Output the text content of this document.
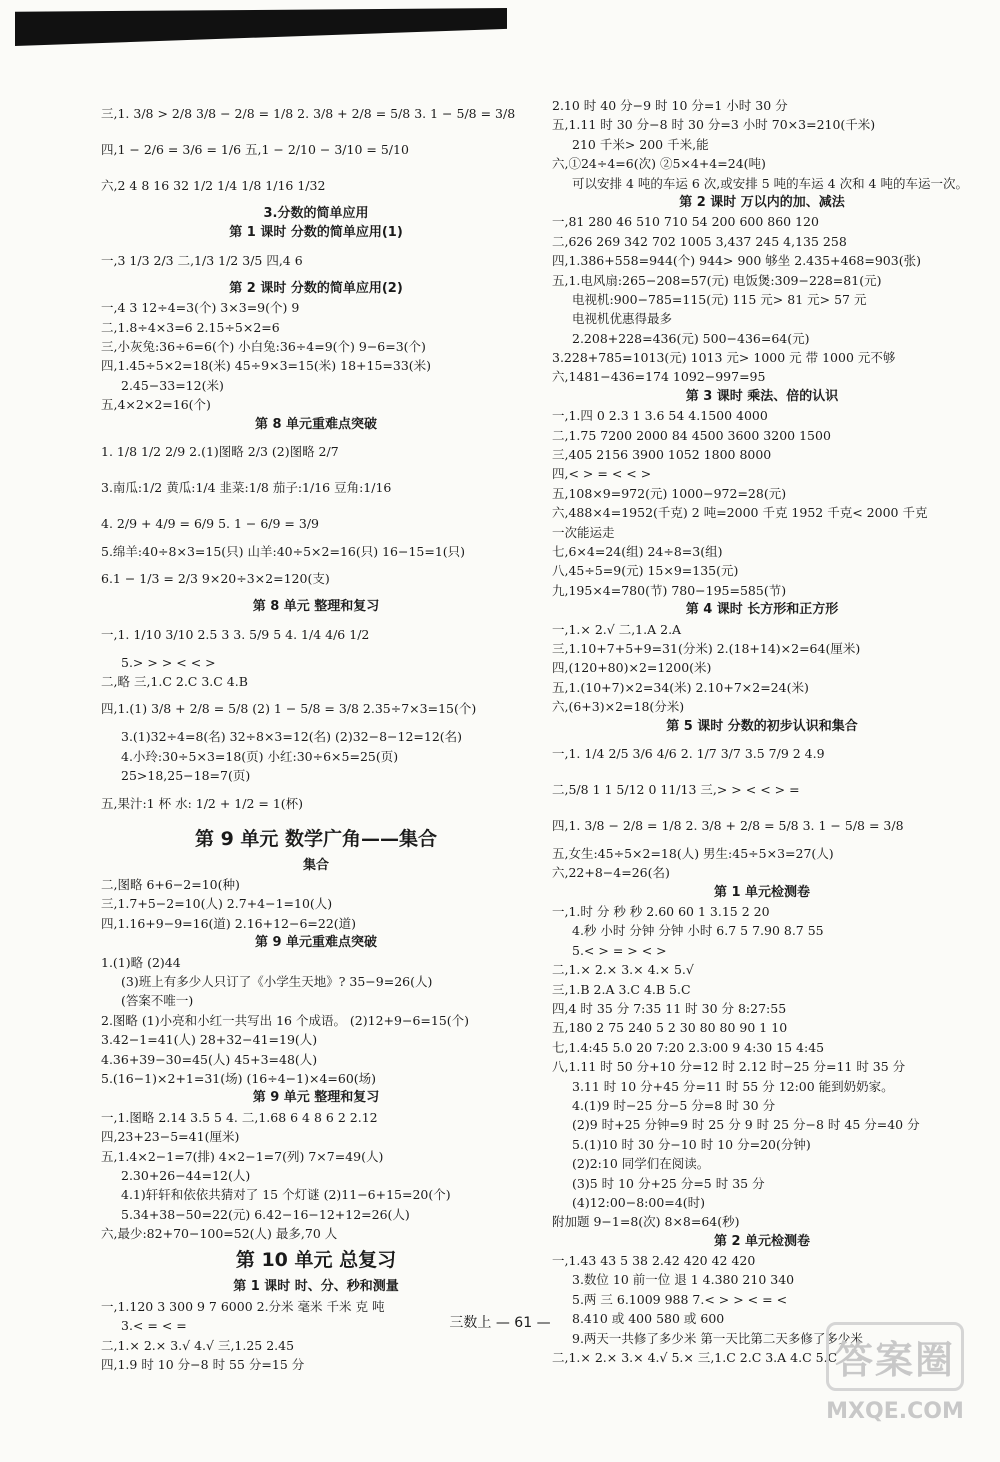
三,1. 3/8 > 2/8 3/8 − 2/8 = 1/8 2. 3/8 + 2/8 = 5/8 3. 1 − 5/8 = 3/8
四,1 − 2/6 = 3/6 = 1/6 五,1 − 2/10 − 3/10 = 5/10
六,2 4 8 16 32 1/2 1/4 1/8 1/16 1/32
3.分数的简单应用
第 1 课时 分数的简单应用(1)
一,3 1/3 2/3 二,1/3 1/2 3/5 四,4 6
第 2 课时 分数的简单应用(2)
一,4 3 12÷4=3(个) 3×3=9(个) 9
二,1.8÷4×3=6 2.15÷5×2=6
三,小灰兔:36÷6=6(个) 小白兔:36÷4=9(个) 9−6=3(个)
四,1.45÷5×2=18(米) 45÷9×3=15(米) 18+15=33(米)
2.45−33=12(米)
五,4×2×2=16(个)
第 8 单元重难点突破
1. 1/8 1/2 2/9 2.(1)图略 2/3 (2)图略 2/7
3.南瓜:1/2 黄瓜:1/4 韭菜:1/8 茄子:1/16 豆角:1/16
4. 2/9 + 4/9 = 6/9 5. 1 − 6/9 = 3/9
5.绵羊:40÷8×3=15(只) 山羊:40÷5×2=16(只) 16−15=1(只)
6.1 − 1/3 = 2/3 9×20÷3×2=120(支)
第 8 单元 整理和复习
一,1. 1/10 3/10 2.5 3 3. 5/9 5 4. 1/4 4/6 1/2
5.> > > < < >
二,略 三,1.C 2.C 3.C 4.B
四,1.(1) 3/8 + 2/8 = 5/8 (2) 1 − 5/8 = 3/8 2.35÷7×3=15(个)
3.(1)32÷4=8(名) 32÷8×3=12(名) (2)32−8−12=12(名)
4.小玲:30÷5×3=18(页) 小红:30÷6×5=25(页)
25>18,25−18=7(页)
五,果汁:1 杯 水: 1/2 + 1/2 = 1(杯)
第 9 单元 数学广角——集合
集合
二,图略 6+6−2=10(种)
三,1.7+5−2=10(人) 2.7+4−1=10(人)
四,1.16+9−9=16(道) 2.16+12−6=22(道)
第 9 单元重难点突破
1.(1)略 (2)44
(3)班上有多少人只订了《小学生天地》? 35−9=26(人)
(答案不唯一)
2.图略 (1)小亮和小红一共写出 16 个成语。 (2)12+9−6=15(个)
3.42−1=41(人) 28+32−41=19(人)
4.36+39−30=45(人) 45+3=48(人)
5.(16−1)×2+1=31(场) (16÷4−1)×4=60(场)
第 9 单元 整理和复习
一,1.图略 2.14 3.5 5 4. 二,1.68 6 4 8 6 2 2.12
四,23+23−5=41(厘米)
五,1.4×2−1=7(排) 4×2−1=7(列) 7×7=49(人)
2.30+26−44=12(人)
4.1)轩轩和依依共猜对了 15 个灯谜 (2)11−6+15=20(个)
5.34+38−50=22(元) 6.42−16−12+12=26(人)
六,最少:82+70−100=52(人) 最多,70 人
第 10 单元 总复习
第 1 课时 时、分、秒和测量
一,1.120 3 300 9 7 6000 2.分米 毫米 千米 克 吨
3.< = < =
二,1.× 2.× 3.√ 4.√ 三,1.25 2.45
四,1.9 时 10 分−8 时 55 分=15 分
2.10 时 40 分−9 时 10 分=1 小时 30 分
五,1.11 时 30 分−8 时 30 分=3 小时 70×3=210(千米)
210 千米> 200 千米,能
六,①24÷4=6(次) ②5×4+4=24(吨)
可以安排 4 吨的车运 6 次,或安排 5 吨的车运 4 次和 4 吨的车运一次。
第 2 课时 万以内的加、减法
一,81 280 46 510 710 54 200 600 860 120
二,626 269 342 702 1005 3,437 245 4,135 258
四,1.386+558=944(个) 944> 900 够坐 2.435+468=903(张)
五,1.电风扇:265−208=57(元) 电饭煲:309−228=81(元)
电视机:900−785=115(元) 115 元> 81 元> 57 元
电视机优惠得最多
2.208+228=436(元) 500−436=64(元)
3.228+785=1013(元) 1013 元> 1000 元 带 1000 元不够
六,1481−436=174 1092−997=95
第 3 课时 乘法、倍的认识
一,1.四 0 2.3 1 3.6 54 4.1500 4000
二,1.75 7200 2000 84 4500 3600 3200 1500
三,405 2156 3900 1052 1800 8000
四,< > = < < >
五,108×9=972(元) 1000−972=28(元)
六,488×4=1952(千克) 2 吨=2000 千克 1952 千克< 2000 千克
一次能运走
七,6×4=24(组) 24÷8=3(组)
八,45÷5=9(元) 15×9=135(元)
九,195×4=780(节) 780−195=585(节)
第 4 课时 长方形和正方形
一,1.× 2.√ 二,1.A 2.A
三,1.10+7+5+9=31(分米) 2.(18+14)×2=64(厘米)
四,(120+80)×2=1200(米)
五,1.(10+7)×2=34(米) 2.10+7×2=24(米)
六,(6+3)×2=18(分米)
第 5 课时 分数的初步认识和集合
一,1. 1/4 2/5 3/6 4/6 2. 1/7 3/7 3.5 7/9 2 4.9
二,5/8 1 1 5/12 0 11/13 三,> > < < > =
四,1. 3/8 − 2/8 = 1/8 2. 3/8 + 2/8 = 5/8 3. 1 − 5/8 = 3/8
五,女生:45÷5×2=18(人) 男生:45÷5×3=27(人)
六,22+8−4=26(名)
第 1 单元检测卷
一,1.时 分 秒 秒 2.60 60 1 3.15 2 20
4.秒 小时 分钟 分钟 小时 6.7 5 7.90 8.7 55
5.< > = > < >
二,1.× 2.× 3.× 4.× 5.√
三,1.B 2.A 3.C 4.B 5.C
四,4 时 35 分 7:35 11 时 30 分 8:27:55
五,180 2 75 240 5 2 30 80 80 90 1 10
七,1.4:45 5.0 20 7:20 2.3:00 9 4:30 15 4:45
八,1.11 时 50 分+10 分=12 时 2.12 时−25 分=11 时 35 分
3.11 时 10 分+45 分=11 时 55 分 12:00 能到奶奶家。
4.(1)9 时−25 分−5 分=8 时 30 分
(2)9 时+25 分钟=9 时 25 分 9 时 25 分−8 时 45 分=40 分
5.(1)10 时 30 分−10 时 10 分=20(分钟)
(2)2:10 同学们在阅读。
(3)5 时 10 分+25 分=5 时 35 分
(4)12:00−8:00=4(时)
附加题 9−1=8(次) 8×8=64(秒)
第 2 单元检测卷
一,1.43 43 5 38 2.42 420 42 420
3.数位 10 前一位 退 1 4.380 210 340
5.两 三 6.1009 988 7.< > > < = <
8.410 或 400 580 或 600
9.两天一共修了多少米 第一天比第二天多修了多少米
二,1.× 2.× 3.× 4.√ 5.× 三,1.C 2.C 3.A 4.C 5.C
三数上 — 61 —
答案圈
MXQE.COM
